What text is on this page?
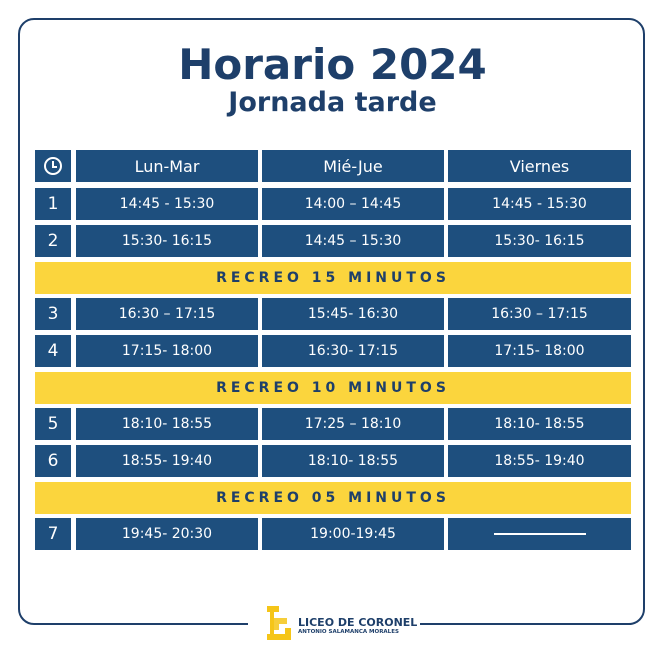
Horario 2024
Jornada tarde
Lun-Mar	Mié-Jue	Viernes
1	14:45 - 15:30	14:00 – 14:45	14:45 - 15:30
2	15:30- 16:15	14:45 – 15:30	15:30- 16:15
RECREO 15 MINUTOS
3	16:30 – 17:15	15:45- 16:30	16:30 – 17:15
4	17:15- 18:00	16:30- 17:15	17:15- 18:00
RECREO 10 MINUTOS
5	18:10- 18:55	17:25 – 18:10	18:10- 18:55
6	18:55- 19:40	18:10- 18:55	18:55- 19:40
RECREO 05 MINUTOS
7	19:45- 20:30	19:00-19:45
LICEO DE CORONEL
ANTONIO SALAMANCA MORALES
